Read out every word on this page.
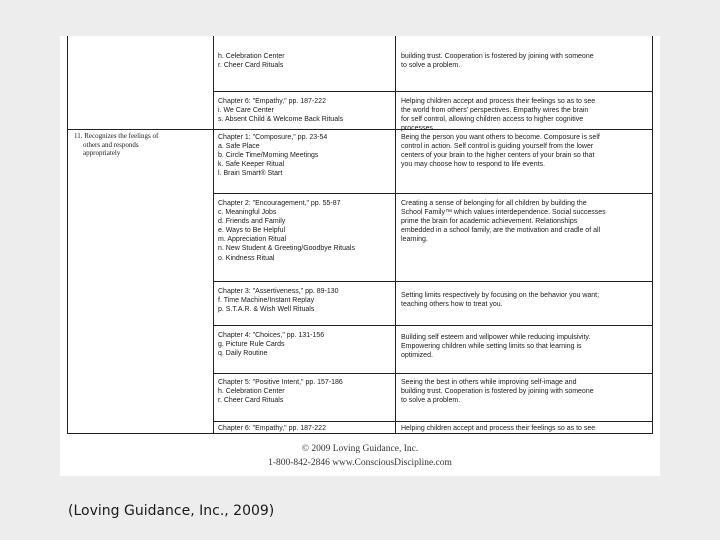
h. Celebration Center
r. Cheer Card Rituals
building trust. Cooperation is fostered by joining with someone
to solve a problem.
Chapter 6: "Empathy," pp. 187-222
i. We Care Center
s. Absent Child & Welcome Back Rituals
Helping children accept and process their feelings so as to see
the world from others' perspectives. Empathy wires the brain
for self control, allowing children access to higher cognitive
processes.
11. Recognizes the feelings of
others and responds
appropriately
Chapter 1: "Composure," pp. 23-54
a. Safe Place
b. Circle Time/Morning Meetings
k. Safe Keeper Ritual
l. Brain Smart® Start
Being the person you want others to become. Composure is self
control in action. Self control is guiding yourself from the lower
centers of your brain to the higher centers of your brain so that
you may choose how to respond to life events.
Chapter 2: "Encouragement," pp. 55-87
c. Meaningful Jobs
d. Friends and Family
e. Ways to Be Helpful
m. Appreciation Ritual
n. New Student & Greeting/Goodbye Rituals
o. Kindness Ritual
Creating a sense of belonging for all children by building the
School Family™ which values interdependence. Social successes
prime the brain for academic achievement. Relationships
embedded in a school family, are the motivation and cradle of all
learning.
Chapter 3: "Assertiveness," pp. 89-130
f. Time Machine/Instant Replay
p. S.T.A.R. & Wish Well Rituals
Setting limits respectively by focusing on the behavior you want;
teaching others how to treat you.
Chapter 4: "Choices," pp. 131-156
g. Picture Rule Cards
q. Daily Routine
Building self esteem and willpower while reducing impulsivity.
Empowering children while setting limits so that learning is
optimized.
Chapter 5: "Positive Intent," pp. 157-186
h. Celebration Center
r. Cheer Card Rituals
Seeing the best in others while improving self-image and
building trust. Cooperation is fostered by joining with someone
to solve a problem.
Chapter 6: "Empathy," pp. 187-222	Helping children accept and process their feelings so as to see
© 2009 Loving Guidance, Inc.
1-800-842-2846 www.ConsciousDiscipline.com
(Loving Guidance, Inc., 2009)
